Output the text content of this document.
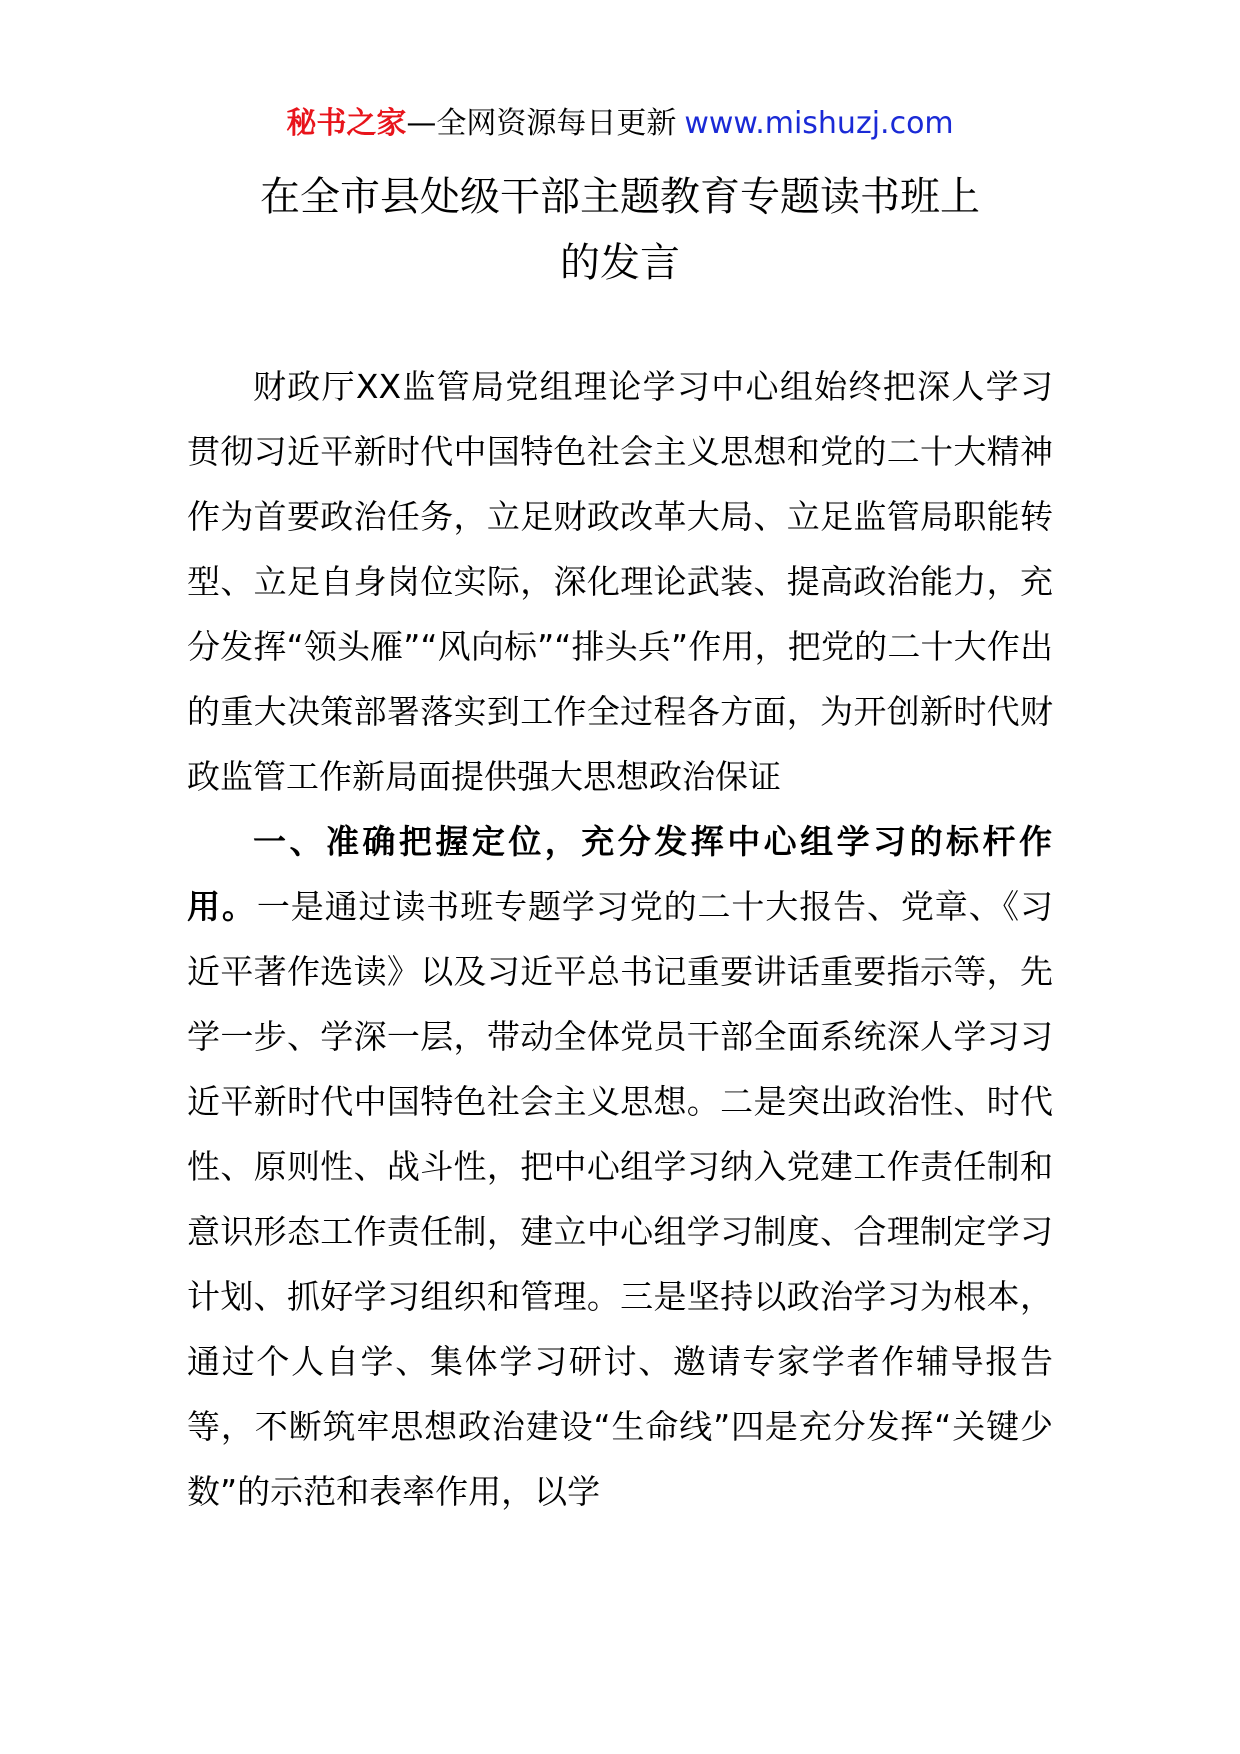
秘书之家—全网资源每日更新 www.mishuzj.com
在全市县处级干部主题教育专题读书班上
的发言

财政厅XX监管局党组理论学习中心组始终把深人学习贯彻习近平新时代中国特色社会主义思想和党的二十大精神作为首要政治任务，立足财政改革大局、立足监管局职能转型、立足自身岗位实际，深化理论武装、提高政治能力，充分发挥“领头雁”“风向标”“排头兵”作用，把党的二十大作出的重大决策部署落实到工作全过程各方面，为开创新时代财政监管工作新局面提供强大思想政治保证

一、准确把握定位，充分发挥中心组学习的标杆作用。一是通过读书班专题学习党的二十大报告、党章、《习近平著作选读》以及习近平总书记重要讲话重要指示等，先学一步、学深一层，带动全体党员干部全面系统深人学习习近平新时代中国特色社会主义思想。二是突出政治性、时代性、原则性、战斗性，把中心组学习纳入党建工作责任制和意识形态工作责任制，建立中心组学习制度、合理制定学习计划、抓好学习组织和管理。三是坚持以政治学习为根本，通过个人自学、集体学习研讨、邀请专家学者作辅导报告等，不断筑牢思想政治建设“生命线”四是充分发挥“关键少数”的示范和表率作用，以学
